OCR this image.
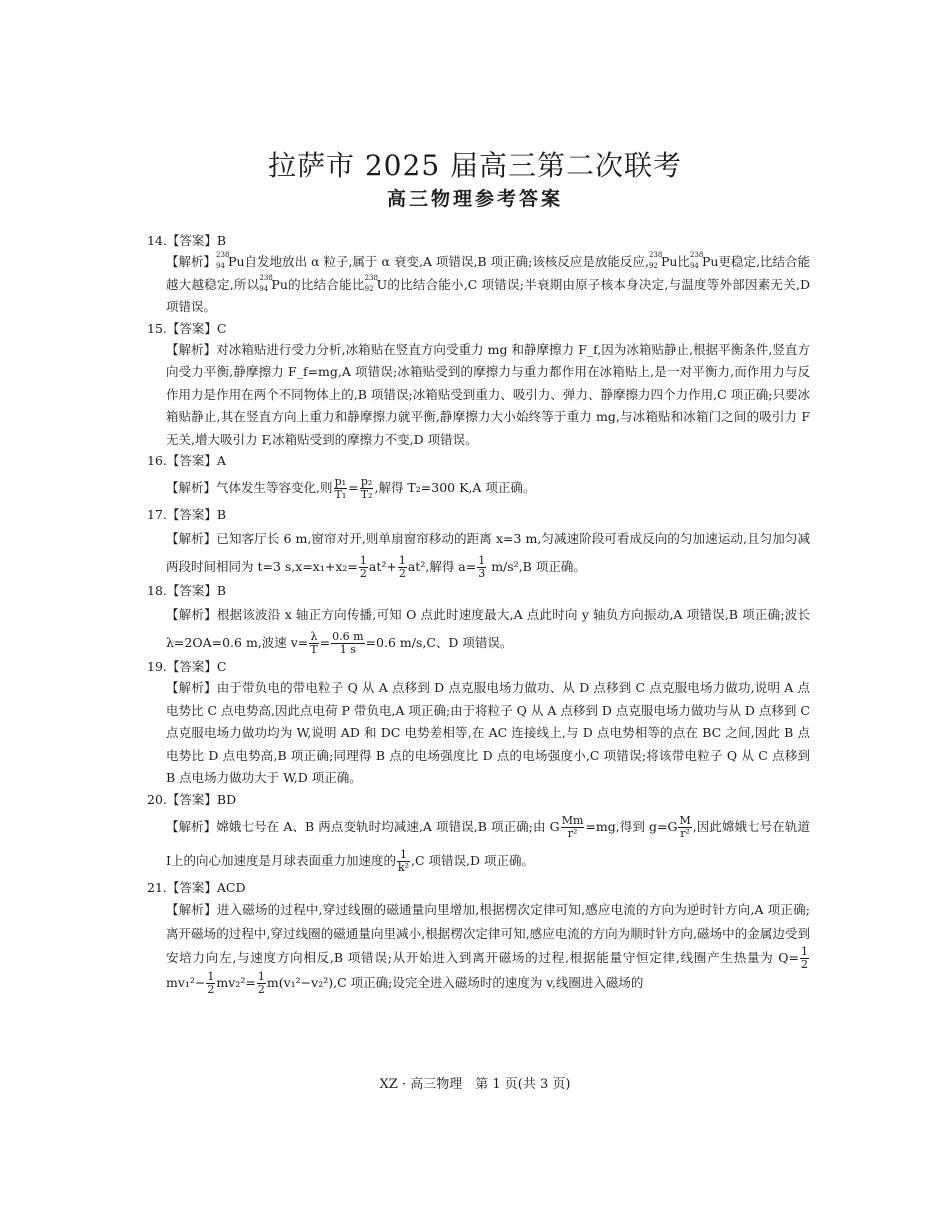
拉萨市 2025 届高三第二次联考
高三物理参考答案
14.【答案】B
【解析】 238
94 Pu自发地放出 α 粒子,属于 α 衰变,A 项错误,B 项正确;该核反应是放能反应, 238
92 Pu比 238
94 Pu更稳定,比结合能越大越稳定,所以 238
94 Pu的比结合能比 238
92 U的比结合能小,C 项错误;半衰期由原子核本身决定,与温度等外部因素无关,D 项错误。
15.【答案】C
【解析】对冰箱贴进行受力分析,冰箱贴在竖直方向受重力 mg 和静摩擦力 F_f,因为冰箱贴静止,根据平衡条件,竖直方向受力平衡,静摩擦力 F_f=mg,A 项错误;冰箱贴受到的摩擦力与重力都作用在冰箱贴上,是一对平衡力,而作用力与反作用力是作用在两个不同物体上的,B 项错误;冰箱贴受到重力、吸引力、弹力、静摩擦力四个力作用,C 项正确;只要冰箱贴静止,其在竖直方向上重力和静摩擦力就平衡,静摩擦力大小始终等于重力 mg,与冰箱贴和冰箱门之间的吸引力 F 无关,增大吸引力 F,冰箱贴受到的摩擦力不变,D 项错误。
16.【答案】A
【解析】气体发生等容变化,则 $\frac{\text{p₁}}{\text{T₁}} = \frac{\text{p₂}}{\text{T₂}}$ ,解得 T₂=300 K,A 项正确。
17.【答案】B
【解析】已知客厅长 6 m,窗帘对开,则单扇窗帘移动的距离 x=3 m,匀减速阶段可看成反向的匀加速运动,且匀加匀减两段时间相同为 t=3 $s,x=x_1+x_2= \frac{1}{2} at^2+ \frac{1}{2} at^2$,解得 $a= \frac{1}{3} m/s^2,B$ 项正确。
18.【答案】B
【解析】根据该波沿 x 轴正方向传播,可知 O 点此时速度最大,A 点此时向 y 轴负方向振动,A 项错误,B 项正确;波长 λ=2OA=0.6 m,波速 $v= \frac{\lambda}{T} = \frac{0.6 m}{1 s} =0.6$ m/s,C、D 项错误。
19.【答案】C
【解析】由于带负电的带电粒子 Q 从 A 点移到 D 点克服电场力做功、从 D 点移到 C 点克服电场力做功,说明 A 点电势比 C 点电势高,因此点电荷 P 带负电,A 项正确;由于将粒子 Q 从 A 点移到 D 点克服电场力做功与从 D 点移到 C 点克服电场力做功均为 W,说明 AD 和 DC 电势差相等,在 AC 连接线上,与 D 点电势相等的点在 BC 之间,因此 B 点电势比 D 点电势高,B 项正确;同理得 B 点的电场强度比 D 点的电场强度小,C 项错误;将该带电粒子 Q 从 C 点移到 B 点电场力做功大于 W,D 项正确。
20.【答案】BD
【解析】嫦娥七号在 A、B 两点变轨时均减速,A 项错误,B 项正确;由 G $\frac{Mm}{\text{r²}} =mg$,得到 $g=G \frac{M}{\text{r²}}$ ,因此嫦娥七号在轨道Ⅰ上的向心加速度是月球表面重力加速度的 $\frac{1}{\text{k²}} ,C$ 项错误,D 项正确。
21.【答案】ACD
【解析】进入磁场的过程中,穿过线圈的磁通量向里增加,根据楞次定律可知,感应电流的方向为逆时针方向,A 项正确;离开磁场的过程中,穿过线圈的磁通量向里减小,根据楞次定律可知,感应电流的方向为顺时针方向,磁场中的金属边受到安培力向左,与速度方向相反,B 项错误;从开始进入到离开磁场的过程,根据能量守恒定律,线圈产生热量为 $Q= \frac{1}{2}$
$mv_1^2- \frac{1}{2} mv_2^2= \frac{1}{2} m(v_1^2-v_2^2),C$ 项正确;设完全进入磁场时的速度为 v,线圈进入磁场的
XZ · 高三物理　第 1 页(共 3 页)
